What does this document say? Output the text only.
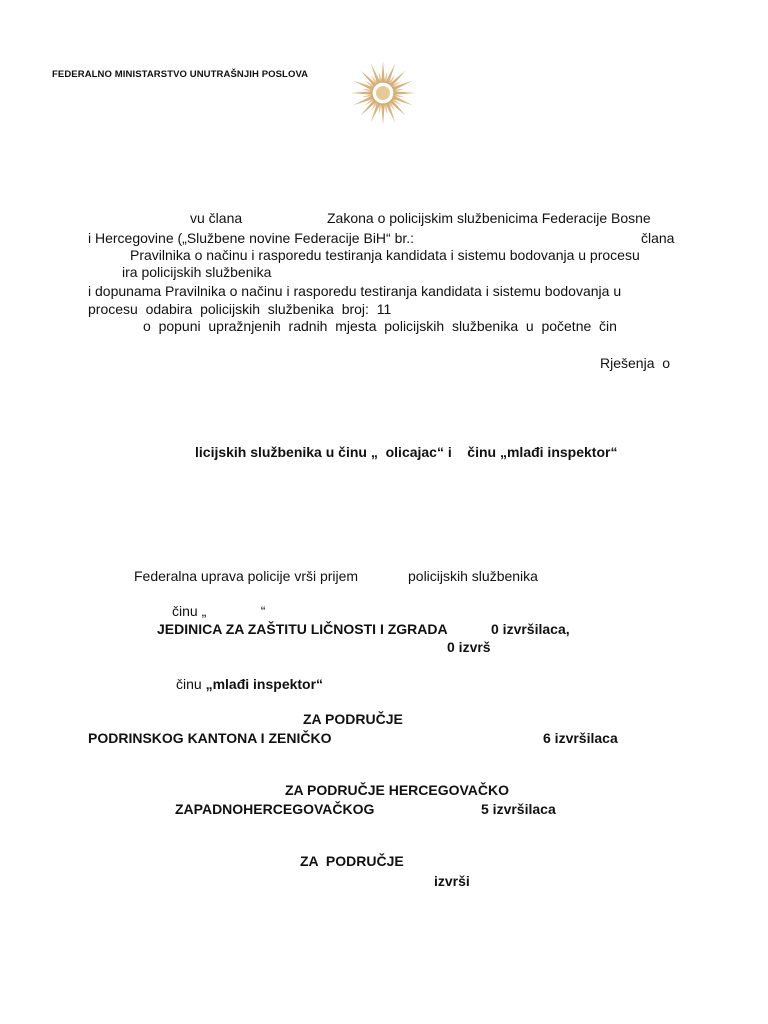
FEDERALNO MINISTARSTVO UNUTRAŠNJIH POSLOVA
vu člana	Zakona o policijskim službenicima Federacije Bosne
i Hercegovine („Službene novine Federacije BiH“ br.:	člana
Pravilnika o načinu i rasporedu testiranja kandidata i sistemu bodovanja u procesu
ira policijskih službenika
i dopunama Pravilnika o načinu i rasporedu testiranja kandidata i sistemu bodovanja u
procesu  odabira  policijskih  službenika  broj:  11
o  popuni  upražnjenih  radnih  mjesta  policijskih  službenika  u  početne  čin
Rješenja  o
licijskih službenika u činu „  olicajac“ i    činu „mlađi inspektor“
Federalna uprava policije vrši prijem	policijskih službenika
činu „              “
JEDINICA ZA ZAŠTITU LIČNOSTI I ZGRADA	0 izvršilaca,
0 izvrš
činu „mlađi inspektor“
ZA PODRUČJE
PODRINSKOG KANTONA I ZENIČKO	6 izvršilaca
ZA PODRUČJE HERCEGOVAČKO
ZAPADNOHERCEGOVAČKOG	5 izvršilaca
ZA  PODRUČJE
izvrši
